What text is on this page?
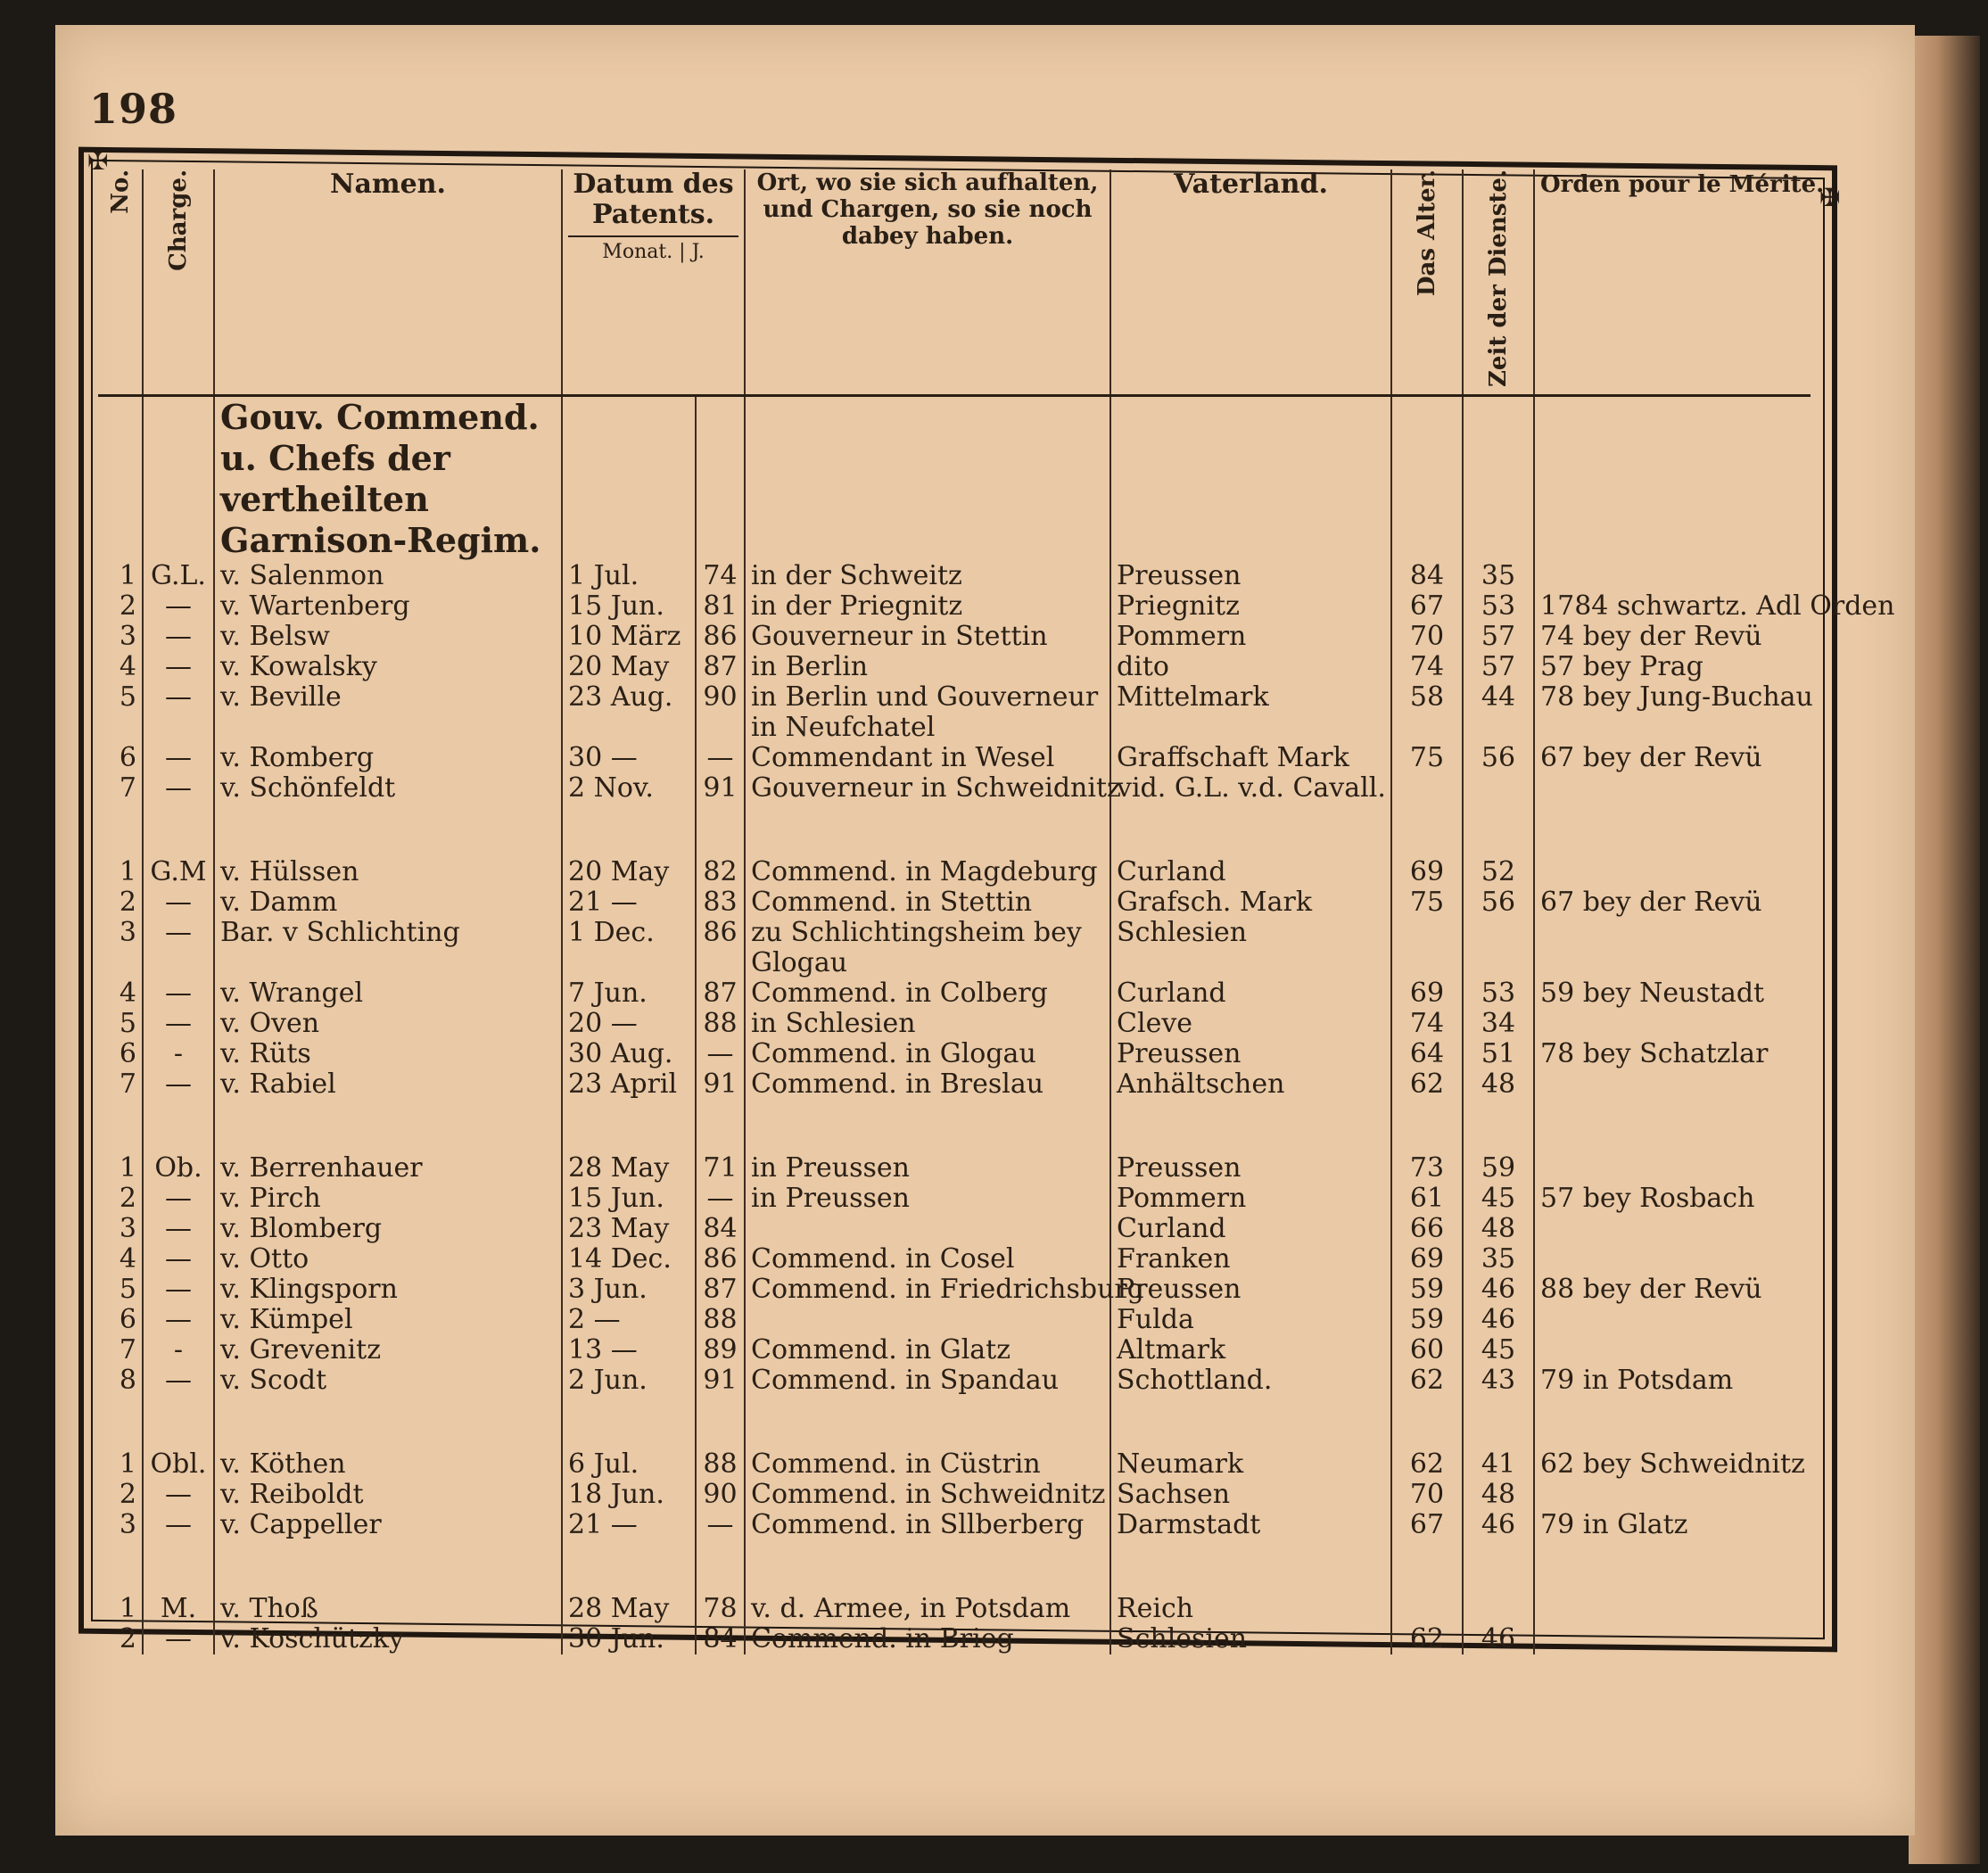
198
✠
✠
No.	Charge.	Namen.	Datum des Patents.
Monat. | J.		Ort, wo sie sich aufhalten, und Chargen, so sie noch dabey haben.	Vaterland.	Das Alter.	Zeit der Dienste.	Orden pour le Mérite.
		Gouv. Commend. u. Chefs der vertheilten Garnison-Regim.							
1	G.L.	v. Salenmon	1 Jul.	74	in der Schweitz	Preussen	84	35	
2	—	v. Wartenberg	15 Jun.	81	in der Priegnitz	Priegnitz	67	53	1784 schwartz. Adl Orden
3	—	v. Belsw	10 März	86	Gouverneur in Stettin	Pommern	70	57	74 bey der Revü
4	—	v. Kowalsky	20 May	87	in Berlin	dito	74	57	57 bey Prag
5	—	v. Beville	23 Aug.	90	in Berlin und Gouverneur	Mittelmark	58	44	78 bey Jung-Buchau
					in Neufchatel				
6	—	v. Romberg	30 —	—	Commendant in Wesel	Graffschaft Mark	75	56	67 bey der Revü
7	—	v. Schönfeldt	2 Nov.	91	Gouverneur in Schweidnitz	vid. G.L. v.d. Cavall.			

1	G.M	v. Hülssen	20 May	82	Commend. in Magdeburg	Curland	69	52	
2	—	v. Damm	21 —	83	Commend. in Stettin	Grafsch. Mark	75	56	67 bey der Revü
3	—	Bar. v Schlichting	1 Dec.	86	zu Schlichtingsheim bey	Schlesien			
					Glogau				
4	—	v. Wrangel	7 Jun.	87	Commend. in Colberg	Curland	69	53	59 bey Neustadt
5	—	v. Oven	20 —	88	in Schlesien	Cleve	74	34	
6	-	v. Rüts	30 Aug.	—	Commend. in Glogau	Preussen	64	51	78 bey Schatzlar
7	—	v. Rabiel	23 April	91	Commend. in Breslau	Anhältschen	62	48	

1	Ob.	v. Berrenhauer	28 May	71	in Preussen	Preussen	73	59	
2	—	v. Pirch	15 Jun.	—	in Preussen	Pommern	61	45	57 bey Rosbach
3	—	v. Blomberg	23 May	84		Curland	66	48	
4	—	v. Otto	14 Dec.	86	Commend. in Cosel	Franken	69	35	
5	—	v. Klingsporn	3 Jun.	87	Commend. in Friedrichsburg	Preussen	59	46	88 bey der Revü
6	—	v. Kümpel	2 —	88		Fulda	59	46	
7	-	v. Grevenitz	13 —	89	Commend. in Glatz	Altmark	60	45	
8	—	v. Scodt	2 Jun.	91	Commend. in Spandau	Schottland.	62	43	79 in Potsdam

1	Obl.	v. Köthen	6 Jul.	88	Commend. in Cüstrin	Neumark	62	41	62 bey Schweidnitz
2	—	v. Reiboldt	18 Jun.	90	Commend. in Schweidnitz	Sachsen	70	48	
3	—	v. Cappeller	21 —	—	Commend. in Sllberberg	Darmstadt	67	46	79 in Glatz

1	M.	v. Thoß	28 May	78	v. d. Armee, in Potsdam	Reich			
2	—	v. Koschützky	30 Jun.	84	Commend. in Brieg	Schlesien	62	46	
